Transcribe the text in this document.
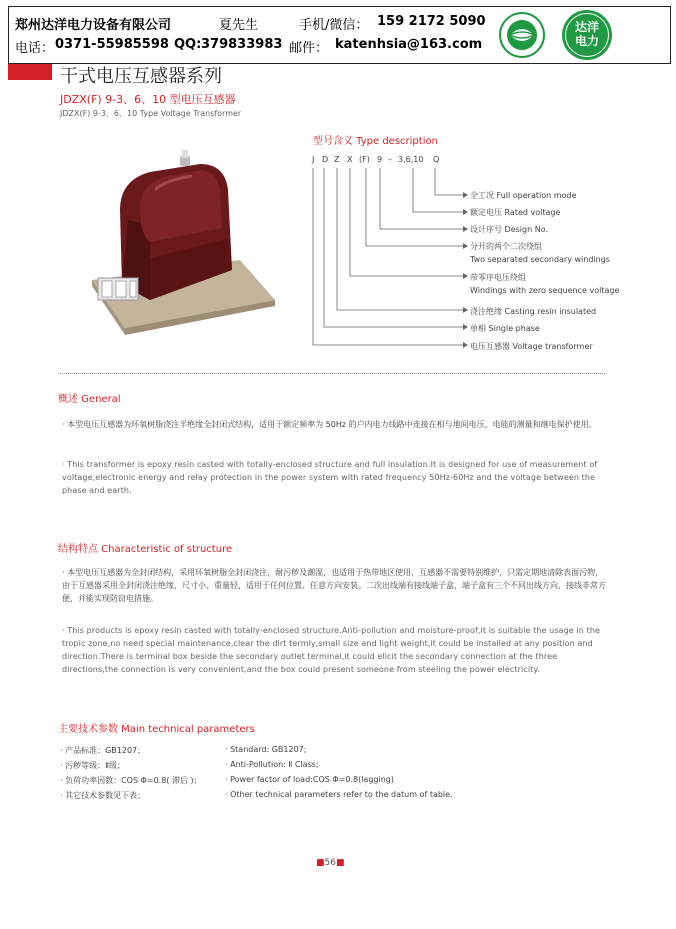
郑州达洋电力设备有限公司	夏先生	手机/微信： 159 2172 5090
电话： 0371-55985598 QQ: 379833983 邮件： katenhsia@163.com
达洋
电力
干式电压互感器系列
JDZX(F) 9-3、6、10 型电压互感器
JDZX(F) 9-3、6、10 Type Voltage Transformer
型号含义 Type description
J D Z X (F) 9 – 3,6,10 Q
全工况 Full operation mode
额定电压 Rated voltage
设计序号 Design No.
分开的两个二次绕组
Two separated secondary windings
带零序电压绕组
Windings with zero sequence voltage
浇注绝缘 Casting resin insulated
单相 Single phase
电压互感器 Voltage transformer
概述 General
· 本型电压互感器为环氧树脂浇注半绝缘全封闭式结构，适用于额定频率为 50Hz 的户内电力线路中连接在相与地间电压、电能的测量和继电保护使用。
· This transformer is epoxy resin casted with totally-enclosed structure and full insulation.It is designed for use of measurement of voltage,electronic energy and relay protection in the power system with rated frequency 50Hz-60Hz and the voltage between the phase and earth.
结构特点 Characteristic of structure
· 本型电压互感器为全封闭结构，采用环氧树脂全封闭浇注，耐污秽及潮湿，也适用于热带地区使用，互感器不需要特别维护，只需定期地清除表面污物，由于互感器采用全封闭浇注绝缘，尺寸小、重量轻，适用于任何位置、任意方向安装。二次出线端有接线端子盒，端子盒有三个不同出线方向，接线非常方便，并能实现防窃电措施。
· This products is epoxy resin casted with totally-enclosed structure.Anti-pollution and moisture-proof,it is suitable the usage in the tropic zone,no need special maintenance,clear the dirt termly,small size and light weight,it could be installed at any position and direction.There is terminal box beside the secondary outlet terminal,it could elicit the secondary connection at the three directions,the connection is very convenient,and the box could present someone from steeling the power electricity.
主要技术参数 Main technical parameters
· 产品标准：GB1207；
· 污秽等级：Ⅱ级；
· 负荷功率因数：COS Φ=0.8( 滞后 )；
· 其它技术参数见下表；
· Standard: GB1207;
· Anti-Pollution: Ⅱ Class;
· Power factor of load:COS Φ=0.8(lagging)
· Other technical parameters refer to the datum of table.
■56■
